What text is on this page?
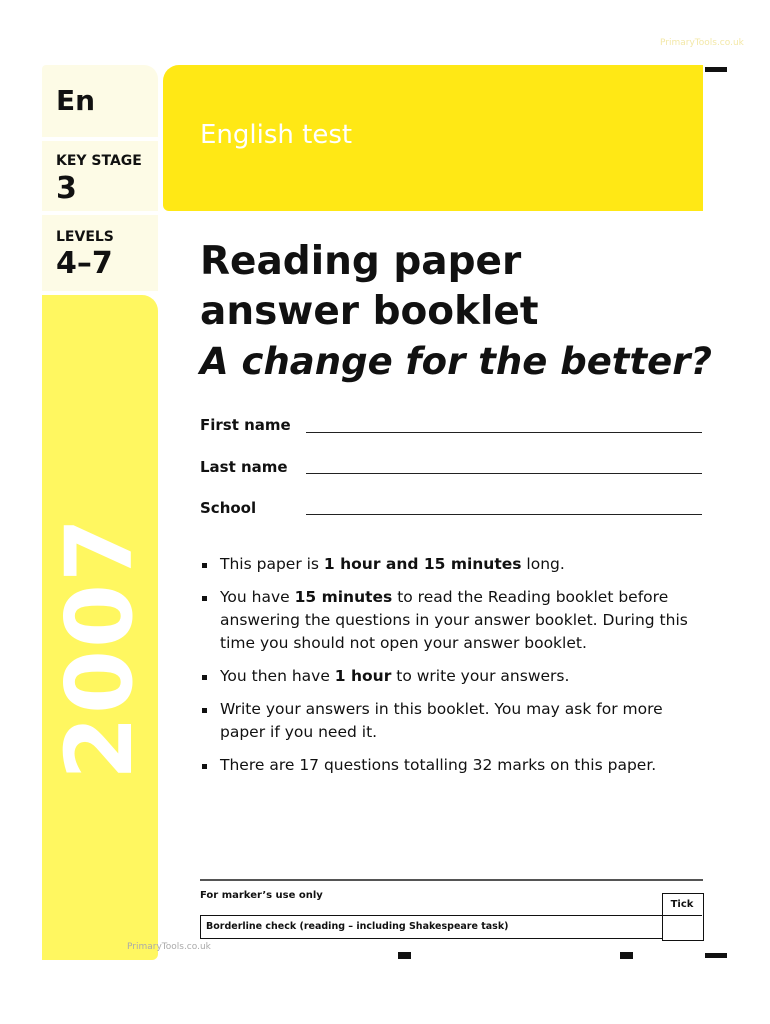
PrimaryTools.co.uk
En
KEY STAGE
3
LEVELS
4–7
2007
English test
Reading paper
answer booklet
A change for the better?
First name
Last name
School
This paper is 1 hour and 15 minutes long.
You have 15 minutes to read the Reading booklet before answering the questions in your answer booklet. During this time you should not open your answer booklet.
You then have 1 hour to write your answers.
Write your answers in this booklet. You may ask for more paper if you need it.
There are 17 questions totalling 32 marks on this paper.
For marker’s use only
Tick
Borderline check (reading – including Shakespeare task)
PrimaryTools.co.uk
